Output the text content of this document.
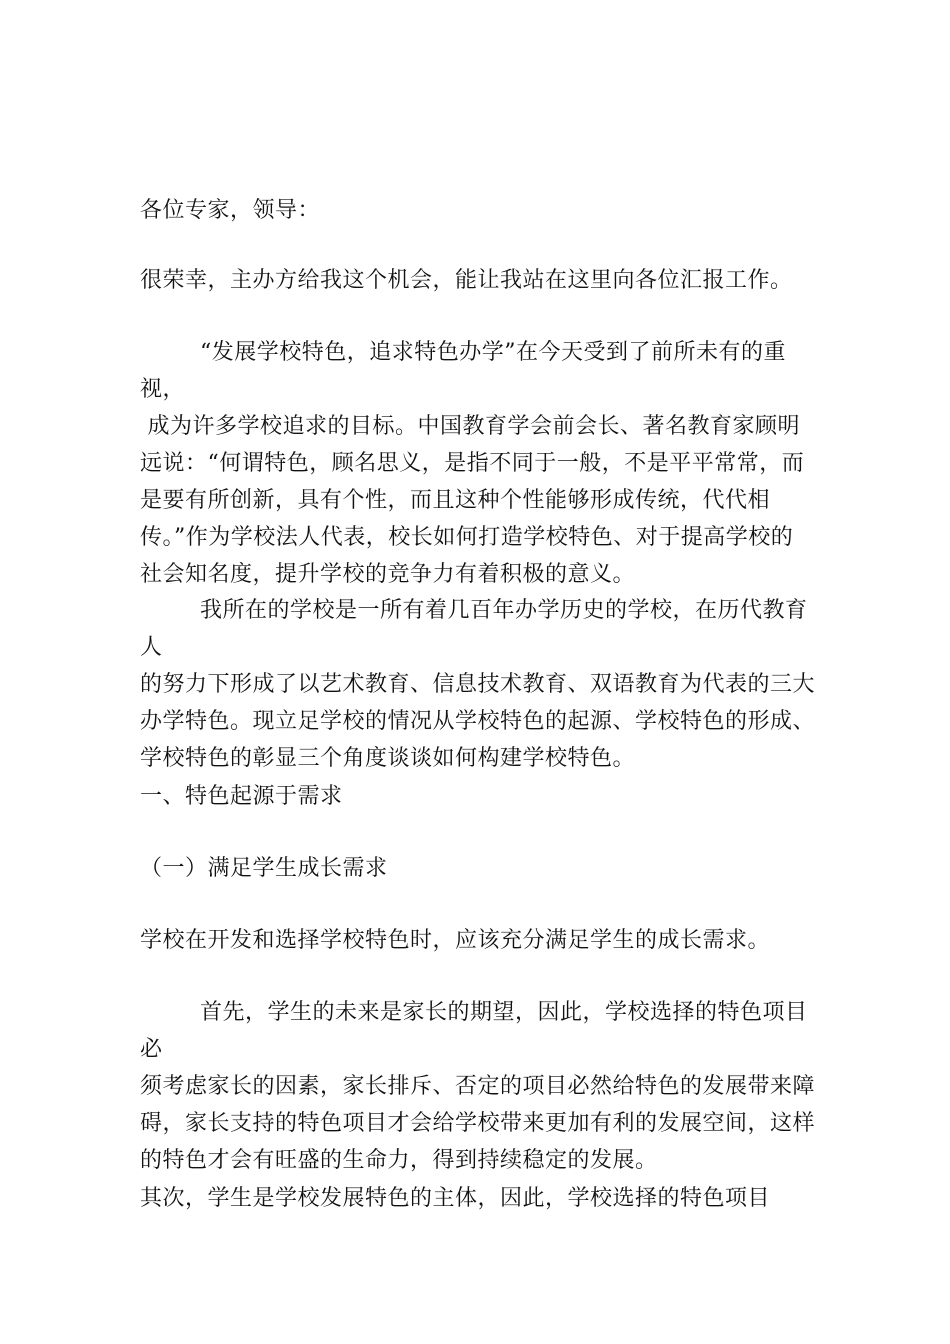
各位专家，领导：

很荣幸，主办方给我这个机会，能让我站在这里向各位汇报工作。

“发展学校特色，追求特色办学”在今天受到了前所未有的重视，
成为许多学校追求的目标。中国教育学会前会长、著名教育家顾明
远说：“何谓特色，顾名思义，是指不同于一般，不是平平常常，而
是要有所创新，具有个性，而且这种个性能够形成传统，代代相
传。”作为学校法人代表，校长如何打造学校特色、对于提高学校的
社会知名度，提升学校的竞争力有着积极的意义。

我所在的学校是一所有着几百年办学历史的学校，在历代教育人
的努力下形成了以艺术教育、信息技术教育、双语教育为代表的三大
办学特色。现立足学校的情况从学校特色的起源、学校特色的形成、
学校特色的彰显三个角度谈谈如何构建学校特色。

一、特色起源于需求

（一）满足学生成长需求

学校在开发和选择学校特色时，应该充分满足学生的成长需求。

首先，学生的未来是家长的期望，因此，学校选择的特色项目必
须考虑家长的因素，家长排斥、否定的项目必然给特色的发展带来障
碍，家长支持的特色项目才会给学校带来更加有利的发展空间，这样
的特色才会有旺盛的生命力，得到持续稳定的发展。

其次，学生是学校发展特色的主体，因此，学校选择的特色项目
